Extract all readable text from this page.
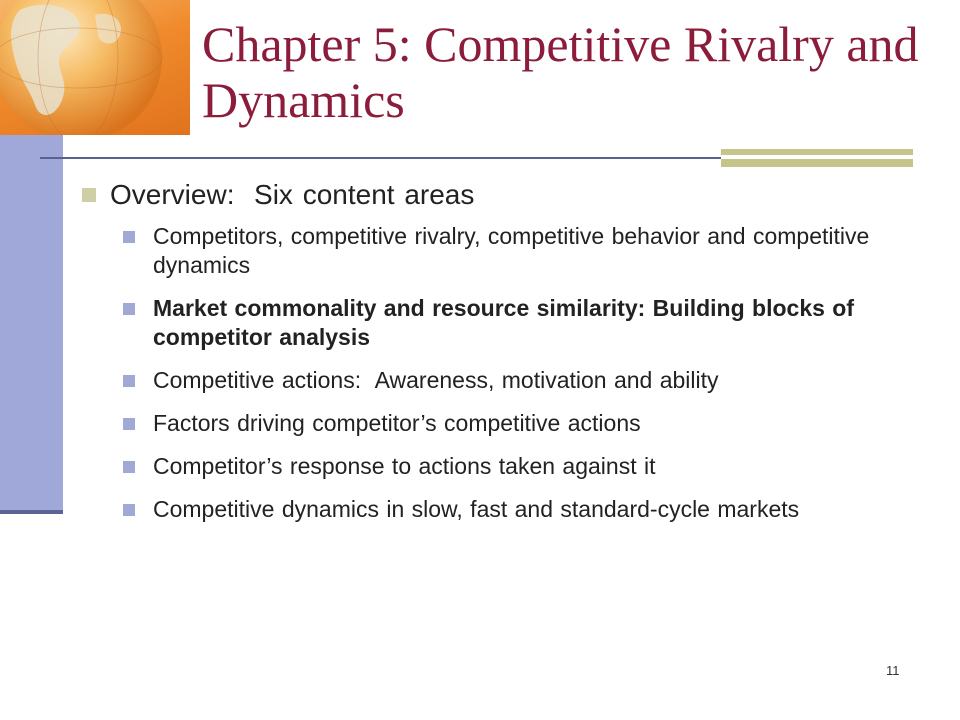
Chapter 5: Competitive Rivalry and Dynamics
Overview:  Six content areas
Competitors, competitive rivalry, competitive behavior and competitive dynamics
Market commonality and resource similarity: Building blocks of competitor analysis
Competitive actions:  Awareness, motivation and ability
Factors driving competitor’s competitive actions
Competitor’s response to actions taken against it
Competitive dynamics in slow, fast and standard-cycle markets
11
